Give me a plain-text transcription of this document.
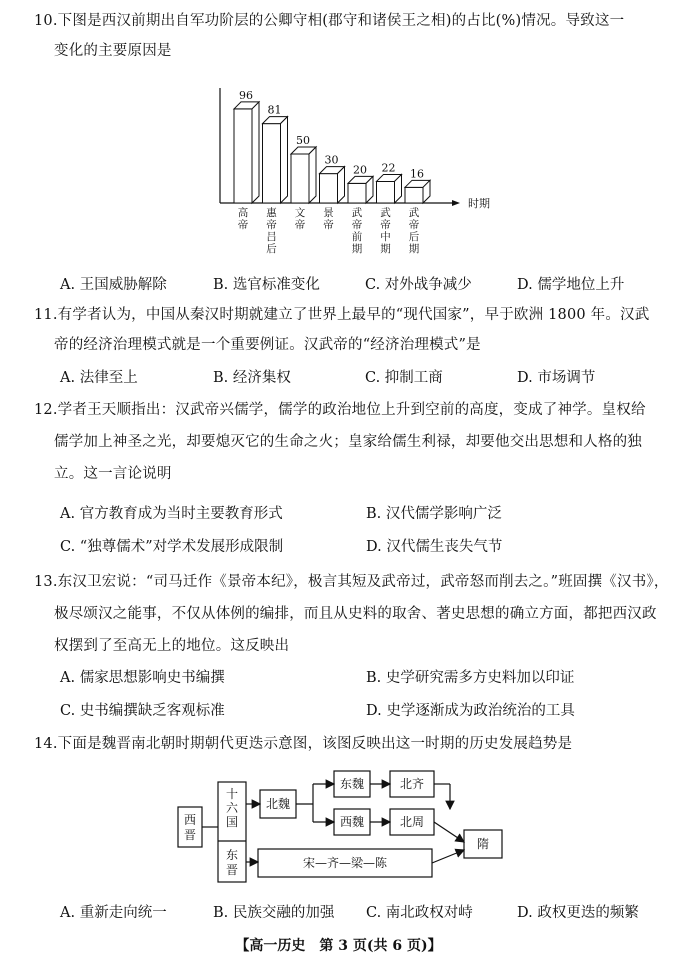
10.下图是西汉前期出自军功阶层的公卿守相(郡守和诸侯王之相)的占比(%)情况。导致这一
变化的主要原因是
时期
96
高帝
81
惠帝吕后
50
文帝
30
景帝
20
武帝前期
22
武帝中期
16
武帝后期
A. 王国威胁解除	B. 选官标准变化	C. 对外战争减少	D. 儒学地位上升
11.有学者认为，中国从秦汉时期就建立了世界上最早的“现代国家”，早于欧洲 1800 年。汉武
帝的经济治理模式就是一个重要例证。汉武帝的“经济治理模式”是
A. 法律至上	B. 经济集权	C. 抑制工商	D. 市场调节
12.学者王天顺指出：汉武帝兴儒学，儒学的政治地位上升到空前的高度，变成了神学。皇权给
儒学加上神圣之光，却要熄灭它的生命之火；皇家给儒生利禄，却要他交出思想和人格的独
立。这一言论说明
A. 官方教育成为当时主要教育形式	B. 汉代儒学影响广泛
C. “独尊儒术”对学术发展形成限制	D. 汉代儒生丧失气节
13.东汉卫宏说：“司马迁作《景帝本纪》，极言其短及武帝过，武帝怒而削去之。”班固撰《汉书》，
极尽颂汉之能事，不仅从体例的编排，而且从史料的取舍、著史思想的确立方面，都把西汉政
权摆到了至高无上的地位。这反映出
A. 儒家思想影响史书编撰	B. 史学研究需多方史料加以印证
C. 史书编撰缺乏客观标准	D. 史学逐渐成为政治统治的工具
14.下面是魏晋南北朝时期朝代更迭示意图，该图反映出这一时期的历史发展趋势是
西晋
十六国
东晋
北魏
东魏
西魏
北齐
北周
隋
宋—齐—梁—陈
A. 重新走向统一	B. 民族交融的加强 C. 南北政权对峙	D. 政权更迭的频繁
【高一历史　第 3 页(共 6 页)】
